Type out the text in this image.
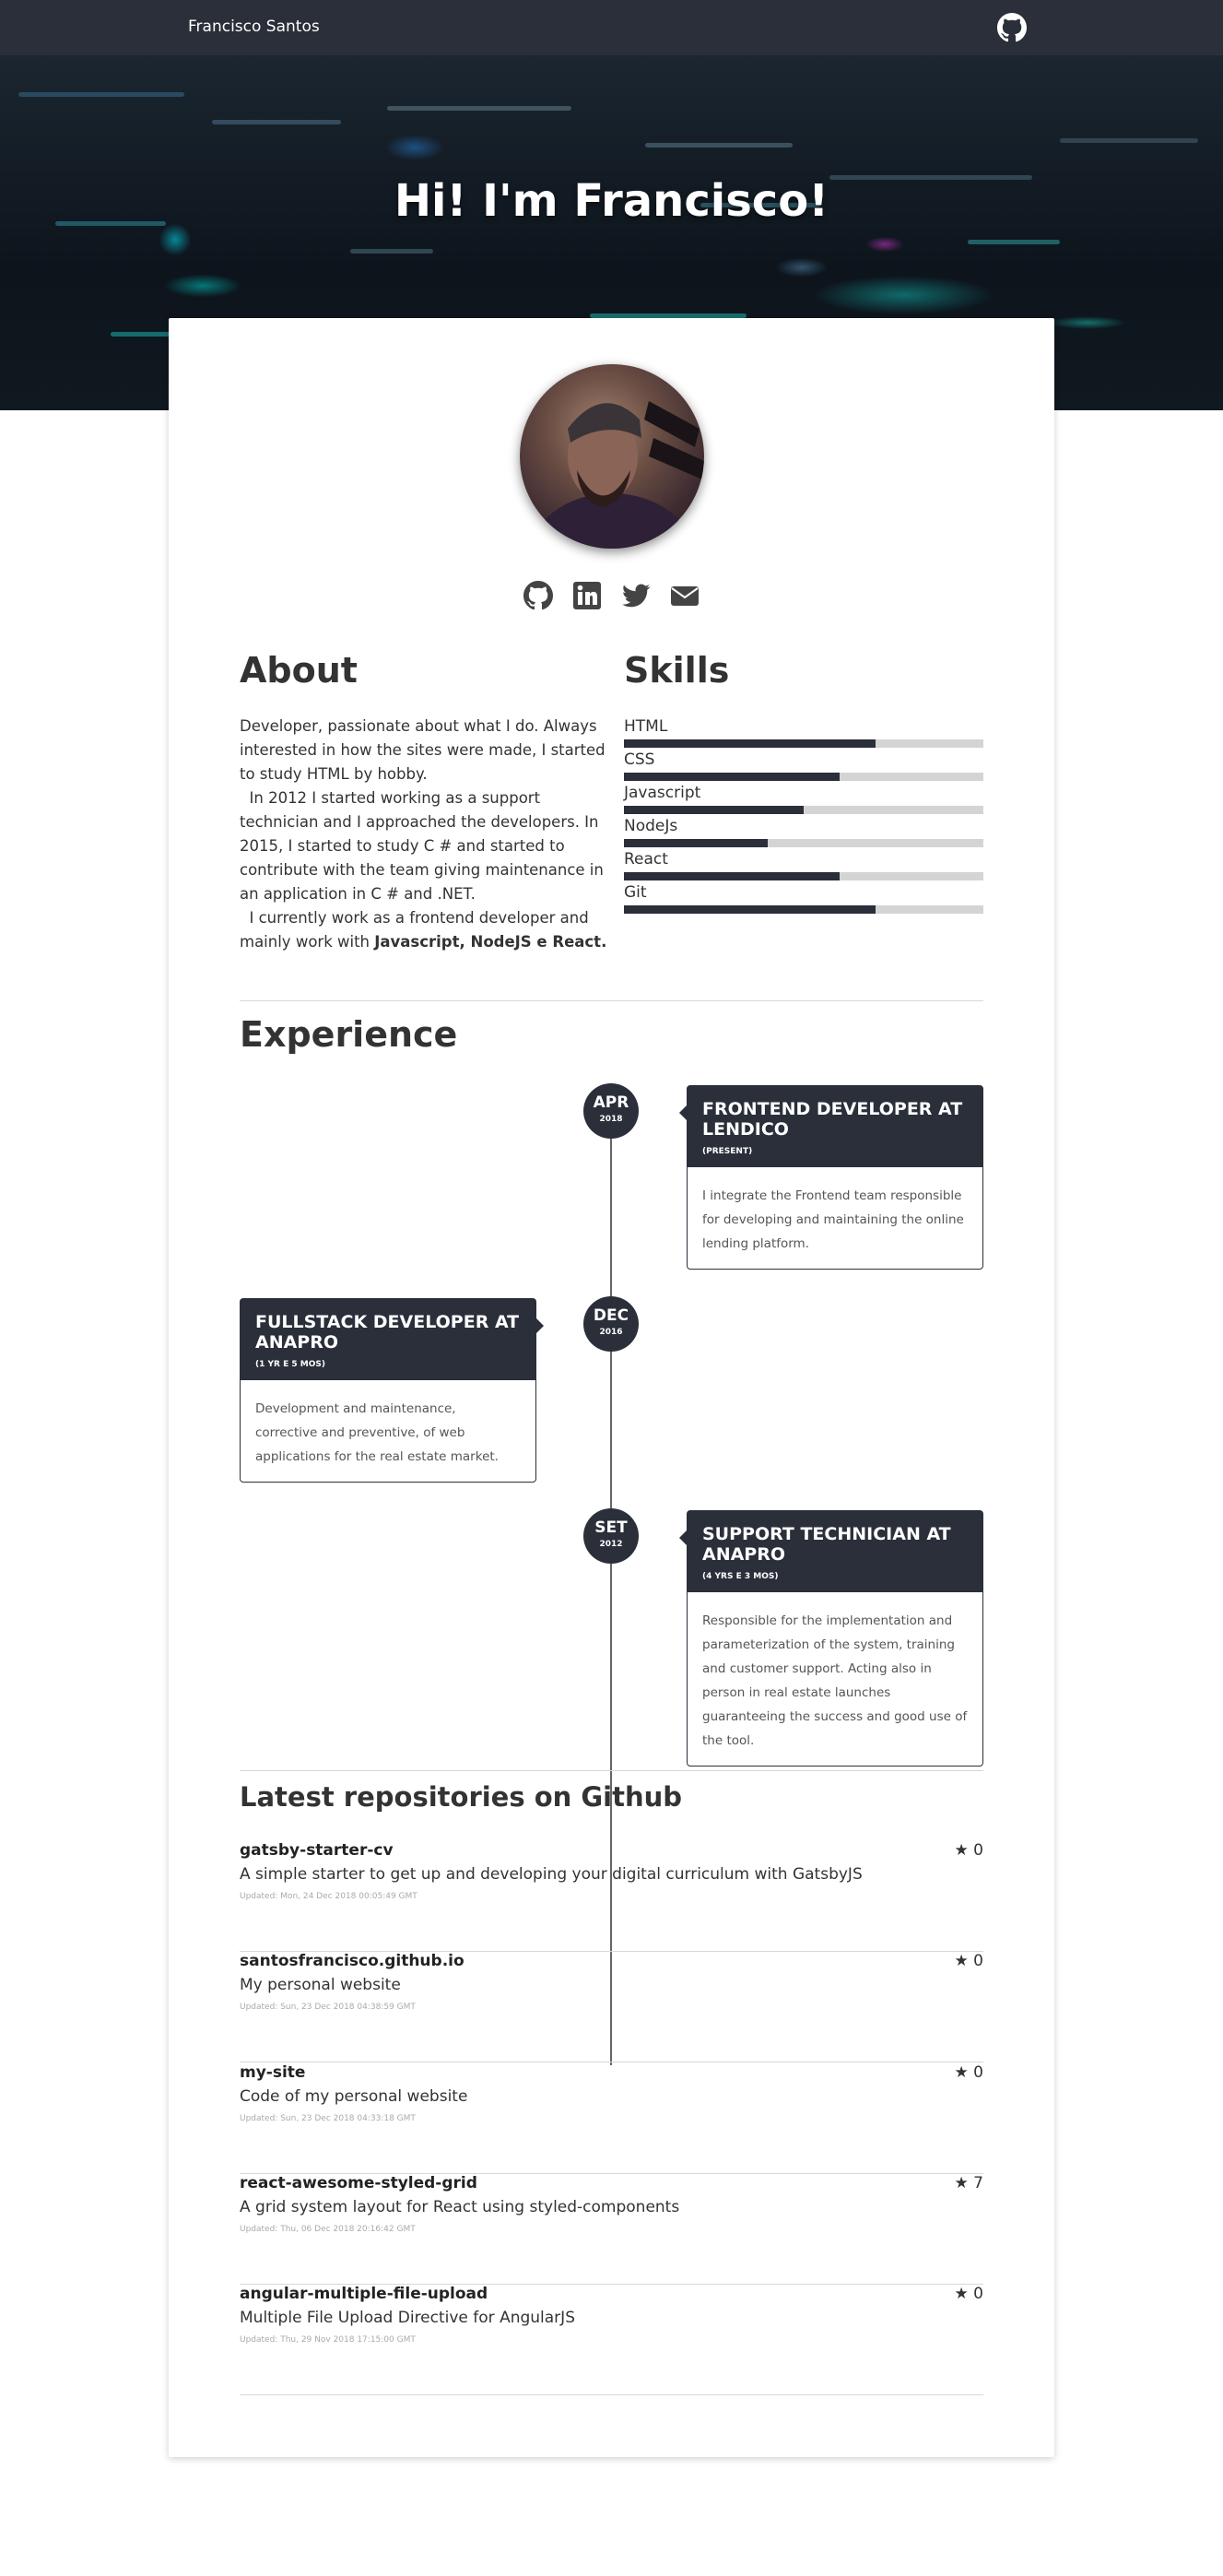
Francisco Santos
Hi! I'm Francisco!

About
Developer, passionate about what I do. Always interested in how the sites were made, I started to study HTML by hobby.
In 2012 I started working as a support technician and I approached the developers. In 2015, I started to study C # and started to contribute with the team giving maintenance in an application in C # and .NET.
I currently work as a frontend developer and mainly work with Javascript, NodeJS e React.
Skills
HTML
CSS
Javascript
NodeJs
React
Git
Experience
APR
2018	FRONTEND DEVELOPER AT LENDICO
(PRESENT)
I integrate the Frontend team responsible for developing and maintaining the online lending platform.
DEC
2016
FULLSTACK DEVELOPER AT ANAPRO
(1 YR E 5 MOS)
Development and maintenance, corrective and preventive, of web applications for the real estate market.
SET
2012	SUPPORT TECHNICIAN AT ANAPRO
(4 YRS E 3 MOS)
Responsible for the implementation and parameterization of the system, training and customer support. Acting also in person in real estate launches guaranteeing the success and good use of the tool.
Latest repositories on Github
gatsby-starter-cv	★ 0
A simple starter to get up and developing your digital curriculum with GatsbyJS
Updated: Mon, 24 Dec 2018 00:05:49 GMT
santosfrancisco.github.io	★ 0
My personal website
Updated: Sun, 23 Dec 2018 04:38:59 GMT
my-site	★ 0
Code of my personal website
Updated: Sun, 23 Dec 2018 04:33:18 GMT
react-awesome-styled-grid	★ 7
A grid system layout for React using styled-components
Updated: Thu, 06 Dec 2018 20:16:42 GMT
angular-multiple-file-upload	★ 0
Multiple File Upload Directive for AngularJS
Updated: Thu, 29 Nov 2018 17:15:00 GMT
